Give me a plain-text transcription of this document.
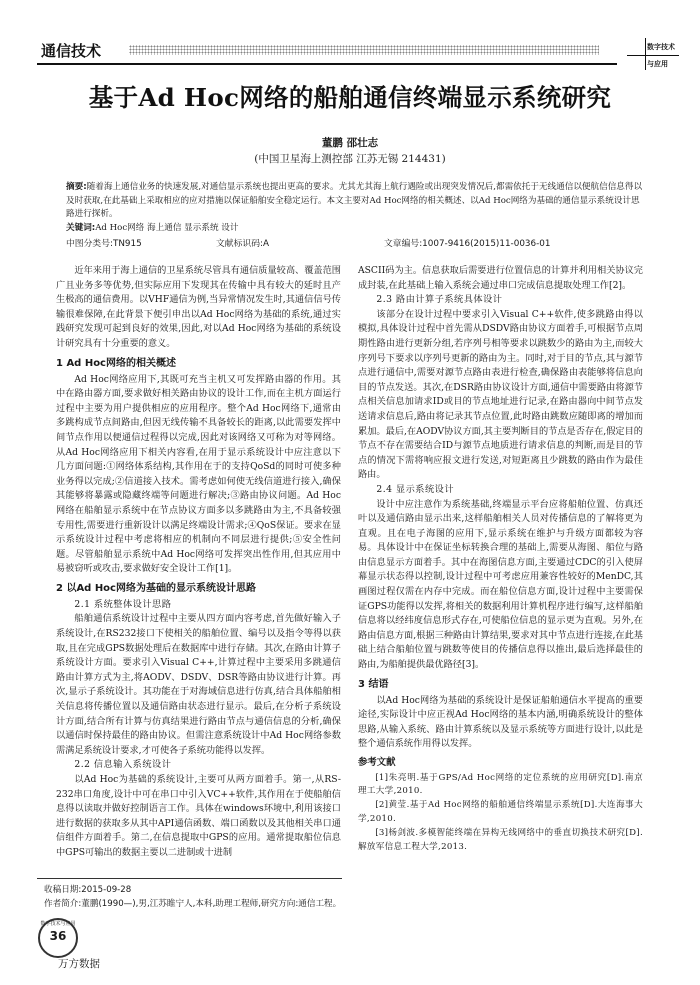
通信技术	数字技术
与应用
基于Ad Hoc网络的船舶通信终端显示系统研究
董鹏 邵壮志
(中国卫星海上测控部 江苏无锡 214431)
摘要:随着海上通信业务的快速发展,对通信显示系统也提出更高的要求。尤其尤其海上航行遇险或出现突发情况后,都需依托于无线通信以便航信信息得以及时获取,在此基础上采取相应的应对措施以保证船舶安全稳定运行。本文主要对Ad Hoc网络的相关概述、以Ad Hoc网络为基础的通信显示系统设计思路进行探析。
关键词:Ad Hoc网络 海上通信 显示系统 设计
中图分类号:TN915	文献标识码:A	文章编号:1007-9416(2015)11-0036-01

近年来用于海上通信的卫星系统尽管具有通信质量较高、覆盖范围广且业务多等优势,但实际应用下发现其在传输中具有较大的延时且产生极高的通信费用。以VHF通信为例,当异常情况发生时,其通信信号传输很难保障,在此背景下便引申出以Ad Hoc网络为基础的系统,通过实践研究发现可起到良好的效果,因此,对以Ad Hoc网络为基础的系统设计研究具有十分重要的意义。

1 Ad Hoc网络的相关概述

Ad Hoc网络应用下,其既可充当主机又可发挥路由器的作用。其中在路由器方面,要求做好相关路由协议的设计工作,而在主机方面运行过程中主要为用户提供相应的应用程序。整个Ad Hoc网络下,通常由多跳构成节点间路由,但因无线传输不具备较长的距离,以此需要发挥中间节点作用以便通信过程得以完成,因此对该网络又可称为对等网络。从Ad Hoc网络应用下相关内容看,在用于显示系统设计中应注意以下几方面问题:①网络体系结构,其作用在于的支持QoSd的同时可使多种业务得以完成;②信道接入技术。需考虑如何使无线信道进行接入,确保其能够将暴露或隐藏终端等问题进行解决;③路由协议问题。Ad Hoc网络在船舶显示系统中在节点协议方面多以多跳路由为主,不具备较强专用性,需要进行重新设计以满足终端设计需求;④QoS保证。要求在显示系统设计过程中考虑将相应的机制向不同层进行提供;⑤安全性问题。尽管船舶显示系统中Ad Hoc网络可发挥突出性作用,但其应用中易被窃听或攻击,要求做好安全设计工作[1]。

2 以Ad Hoc网络为基础的显示系统设计思路
2.1 系统整体设计思路

船舶通信系统设计过程中主要从四方面内容考虑,首先做好输入子系统设计,在RS232接口下使相关的船舶位置、编号以及指令等得以获取,且在完成GPS数据处理后在数据库中进行存储。其次,在路由计算子系统设计方面。要求引入Visual C++,计算过程中主要采用多跳通信路由计算方式为主,将AODV、DSDV、DSR等路由协议进行计算。再次,显示子系统设计。其功能在于对海域信息进行仿真,结合具体船舶相关信息将传播位置以及通信路由状态进行显示。最后,在分析子系统设计方面,结合所有计算与仿真结果进行路由节点与通信信息的分析,确保以通信时保持最佳的路由协议。但需注意系统设计中Ad Hoc网络参数需满足系统设计要求,才可使各子系统功能得以发挥。

2.2 信息输入系统设计

以Ad Hoc为基础的系统设计,主要可从两方面着手。第一,从RS-232串口角度,设计中可在串口中引入VC++软件,其作用在于使船舶信息得以读取并做好控制语言工作。具体在windows环境中,利用该接口进行数据的获取多从其中API通信函数、端口函数以及其他相关串口通信组件方面着手。第二,在信息提取中GPS的应用。通常提取船位信息中GPS可输出的数据主要以二进制或十进制

ASCII码为主。信息获取后需要进行位置信息的计算并利用相关协议完成封装,在此基础上输入系统会通过串口完成信息提取处理工作[2]。

2.3 路由计算子系统具体设计

该部分在设计过程中要求引入Visual C++软件,使多跳路由得以模拟,具体设计过程中首先需从DSDV路由协议方面着手,可根据节点周期性路由进行更新分组,若序列号相等要求以跳数少的路由为主,而较大序列号下要求以序列号更新的路由为主。同时,对于目的节点,其与源节点进行通信中,需要对源节点路由表进行检查,确保路由表能够将信息向目的节点发送。其次,在DSR路由协议设计方面,通信中需要路由将源节点相关信息加请求ID或目的节点地址进行记录,在路由器向中间节点发送请求信息后,路由将记录其节点位置,此时路由跳数应随即离的增加而累加。最后,在AODV协议方面,其主要判断目的节点是否存在,假定目的节点不存在需要结合ID与源节点地质进行请求信息的判断,而是目的节点的情况下需将响应报文进行发送,对短距离且少跳数的路由作为最佳路由。

2.4 显示系统设计

设计中应注意作为系统基础,终端显示平台应将船舶位置、仿真还叶以及通信路由显示出来,这样船舶相关人员对传播信息的了解将更为直观。且在电子海图的应用下,显示系统在维护与升级方面都较为容易。具体设计中在保证坐标转换合理的基础上,需要从海图、船位与路由信息显示方面着手。其中在海图信息方面,主要通过CDC的引入使屏幕显示状态得以控制,设计过程中可考虑应用兼容性较好的MenDC,其画图过程仅需在内存中完成。而在船位信息方面,设计过程中主要需保证GPS功能得以发挥,将相关的数据利用计算机程序进行编写,这样船舶信息将以经纬度信息形式存在,可使船位信息的显示更为直观。另外,在路由信息方面,根据三种路由计算结果,要求对其中节点进行连接,在此基础上结合船舶位置与跳数等使目的传播信息得以推出,最后选择最佳的路由,为船舶提供最优路径[3]。

3 结语

以Ad Hoc网络为基础的系统设计是保证船舶通信水平提高的重要途径,实际设计中应正视Ad Hoc网络的基本内涵,明确系统设计的整体思路,从输入系统、路由计算系统以及显示系统等方面进行设计,以此是整个通信系统作用得以发挥。

参考文献

[1]朱亮明.基于GPS/Ad Hoc网络的定位系统的应用研究[D].南京理工大学,2010.

[2]黄莹.基于Ad Hoc网络的船舶通信终端显示系统[D].大连海事大学,2010.

[3]杨剑波.多模智能终端在异构无线网络中的垂直切换技术研究[D].解放军信息工程大学,2013.

收稿日期:2015-09-28
作者简介:董鹏(1990—),男,江苏睢宁人,本科,助理工程师,研究方向:通信工程。
数字技术与应用
36
万方数据
